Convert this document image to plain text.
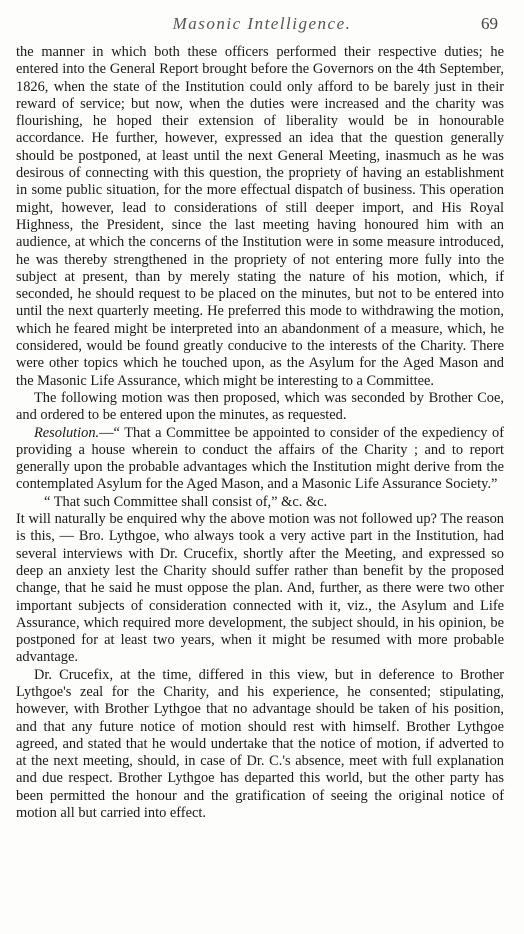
Masonic Intelligence.	69

the manner in which both these officers performed their respective duties; he entered into the General Report brought before the Governors on the 4th September, 1826, when the state of the Institution could only afford to be barely just in their reward of service; but now, when the duties were increased and the charity was flourishing, he hoped their extension of liberality would be in honourable accordance. He further, however, expressed an idea that the question generally should be postponed, at least until the next General Meeting, inasmuch as he was desirous of connecting with this question, the propriety of having an establishment in some public situation, for the more effectual dispatch of business. This operation might, however, lead to considerations of still deeper import, and His Royal Highness, the President, since the last meeting having honoured him with an audience, at which the concerns of the Institution were in some measure introduced, he was thereby strengthened in the propriety of not entering more fully into the subject at present, than by merely stating the nature of his motion, which, if seconded, he should request to be placed on the minutes, but not to be entered into until the next quarterly meeting. He preferred this mode to withdrawing the motion, which he feared might be interpreted into an abandonment of a measure, which, he considered, would be found greatly conducive to the interests of the Charity. There were other topics which he touched upon, as the Asylum for the Aged Mason and the Masonic Life Assurance, which might be interesting to a Committee.

The following motion was then proposed, which was seconded by Brother Coe, and ordered to be entered upon the minutes, as requested.

Resolution.—“ That a Committee be appointed to consider of the expediency of providing a house wherein to conduct the affairs of the Charity ; and to report generally upon the probable advantages which the Institution might derive from the contemplated Asylum for the Aged Mason, and a Masonic Life Assurance Society.”

“ That such Committee shall consist of,” &c. &c.

It will naturally be enquired why the above motion was not followed up? The reason is this, — Bro. Lythgoe, who always took a very active part in the Institution, had several interviews with Dr. Crucefix, shortly after the Meeting, and expressed so deep an anxiety lest the Charity should suffer rather than benefit by the proposed change, that he said he must oppose the plan. And, further, as there were two other important subjects of consideration connected with it, viz., the Asylum and Life Assurance, which required more development, the subject should, in his opinion, be postponed for at least two years, when it might be resumed with more probable advantage.

Dr. Crucefix, at the time, differed in this view, but in deference to Brother Lythgoe's zeal for the Charity, and his experience, he consented; stipulating, however, with Brother Lythgoe that no advantage should be taken of his position, and that any future notice of motion should rest with himself. Brother Lythgoe agreed, and stated that he would undertake that the notice of motion, if adverted to at the next meeting, should, in case of Dr. C.'s absence, meet with full explanation and due respect. Brother Lythgoe has departed this world, but the other party has been permitted the honour and the gratification of seeing the original notice of motion all but carried into effect.
